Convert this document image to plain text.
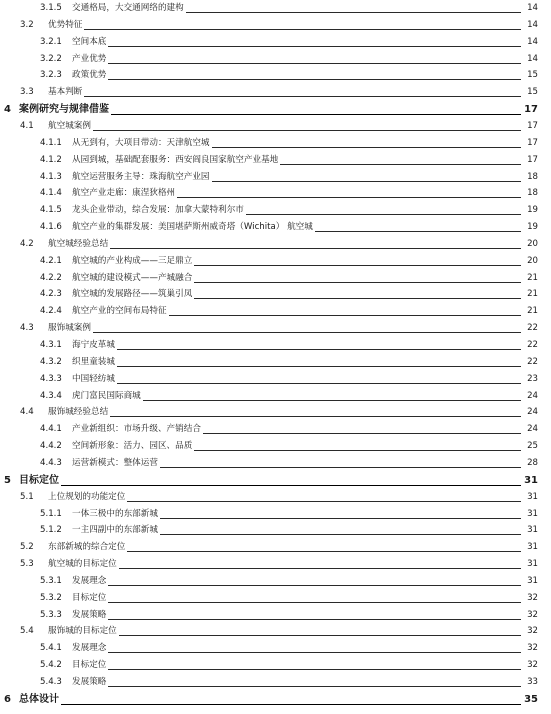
3.1.5 交通格局，大交通网络的建构	14
3.2 优势特征	14
3.2.1 空间本底	14
3.2.2 产业优势	14
3.2.3 政策优势	15
3.3 基本判断	15
4 案例研究与规律借鉴	17
4.1 航空城案例	17
4.1.1 从无到有，大项目带动：天津航空城	17
4.1.2 从园到城，基础配套服务：西安阎良国家航空产业基地	17
4.1.3 航空运营服务主导：珠海航空产业园	18
4.1.4 航空产业走廊：康涅狄格州	18
4.1.5 龙头企业带动，综合发展：加拿大蒙特利尔市	19
4.1.6 航空产业的集群发展：美国堪萨斯州威奇塔（Wichita） 航空城	19
4.2 航空城经验总结	20
4.2.1 航空城的产业构成——三足鼎立	20
4.2.2 航空城的建设模式——产城融合	21
4.2.3 航空城的发展路径——筑巢引凤	21
4.2.4 航空产业的空间布局特征	21
4.3 服饰城案例	22
4.3.1 海宁皮革城	22
4.3.2 织里童装城	22
4.3.3 中国轻纺城	23
4.3.4 虎门富民国际商城	24
4.4 服饰城经验总结	24
4.4.1 产业新组织：市场升级、产销结合	24
4.4.2 空间新形象：活力、园区、品质	25
4.4.3 运营新模式：整体运营	28
5 目标定位	31
5.1 上位规划的功能定位	31
5.1.1 一体三极中的东部新城	31
5.1.2 一主四副中的东部新城	31
5.2 东部新城的综合定位	31
5.3 航空城的目标定位	31
5.3.1 发展理念	31
5.3.2 目标定位	32
5.3.3 发展策略	32
5.4 服饰城的目标定位	32
5.4.1 发展理念	32
5.4.2 目标定位	32
5.4.3 发展策略	33
6 总体设计	35
